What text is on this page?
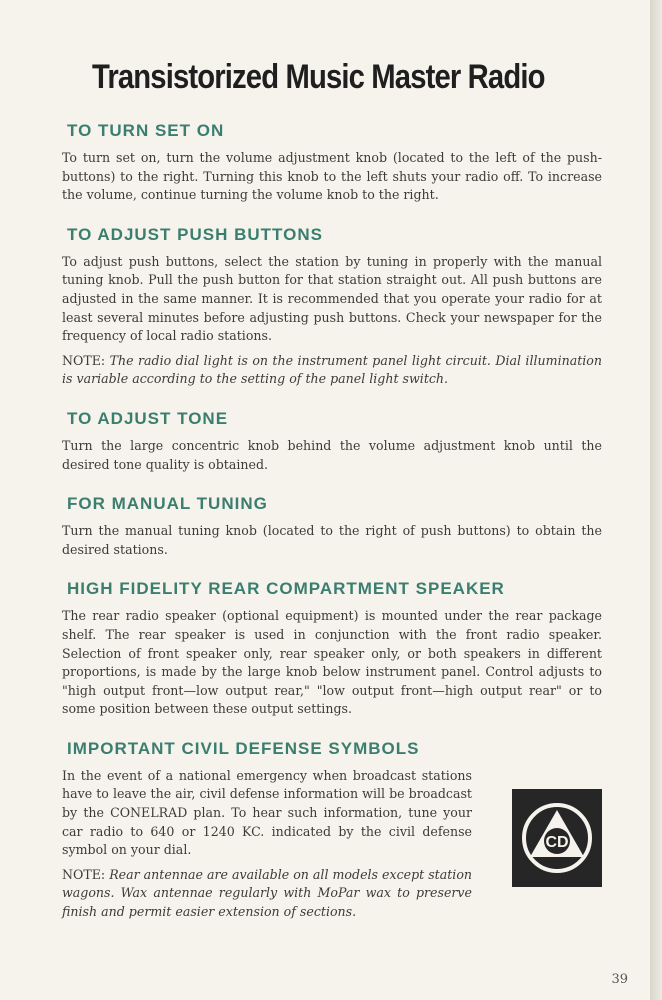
Transistorized Music Master Radio
TO TURN SET ON

To turn set on, turn the volume adjustment knob (located to the left of the push-buttons) to the right. Turning this knob to the left shuts your radio off. To increase the volume, continue turning the volume knob to the right.

TO ADJUST PUSH BUTTONS

To adjust push buttons, select the station by tuning in properly with the manual tuning knob. Pull the push button for that station straight out. All push buttons are adjusted in the same manner. It is recommended that you operate your radio for at least several minutes before adjusting push buttons. Check your newspaper for the frequency of local radio stations.

NOTE: The radio dial light is on the instrument panel light circuit. Dial illumination is variable according to the setting of the panel light switch.

TO ADJUST TONE

Turn the large concentric knob behind the volume adjustment knob until the desired tone quality is obtained.

FOR MANUAL TUNING

Turn the manual tuning knob (located to the right of push buttons) to obtain the desired stations.

HIGH FIDELITY REAR COMPARTMENT SPEAKER

The rear radio speaker (optional equipment) is mounted under the rear package shelf. The rear speaker is used in conjunction with the front radio speaker. Selection of front speaker only, rear speaker only, or both speakers in different proportions, is made by the large knob below instrument panel. Control adjusts to "high output front—low output rear," "low output front—high output rear" or to some position between these output settings.

IMPORTANT CIVIL DEFENSE SYMBOLS

In the event of a national emergency when broadcast stations have to leave the air, civil defense information will be broadcast by the CONELRAD plan. To hear such information, tune your car radio to 640 or 1240 KC. indicated by the civil defense symbol on your dial.

NOTE: Rear antennae are available on all models except station wagons. Wax antennae regularly with MoPar wax to preserve finish and permit easier extension of sections.

CD
39
